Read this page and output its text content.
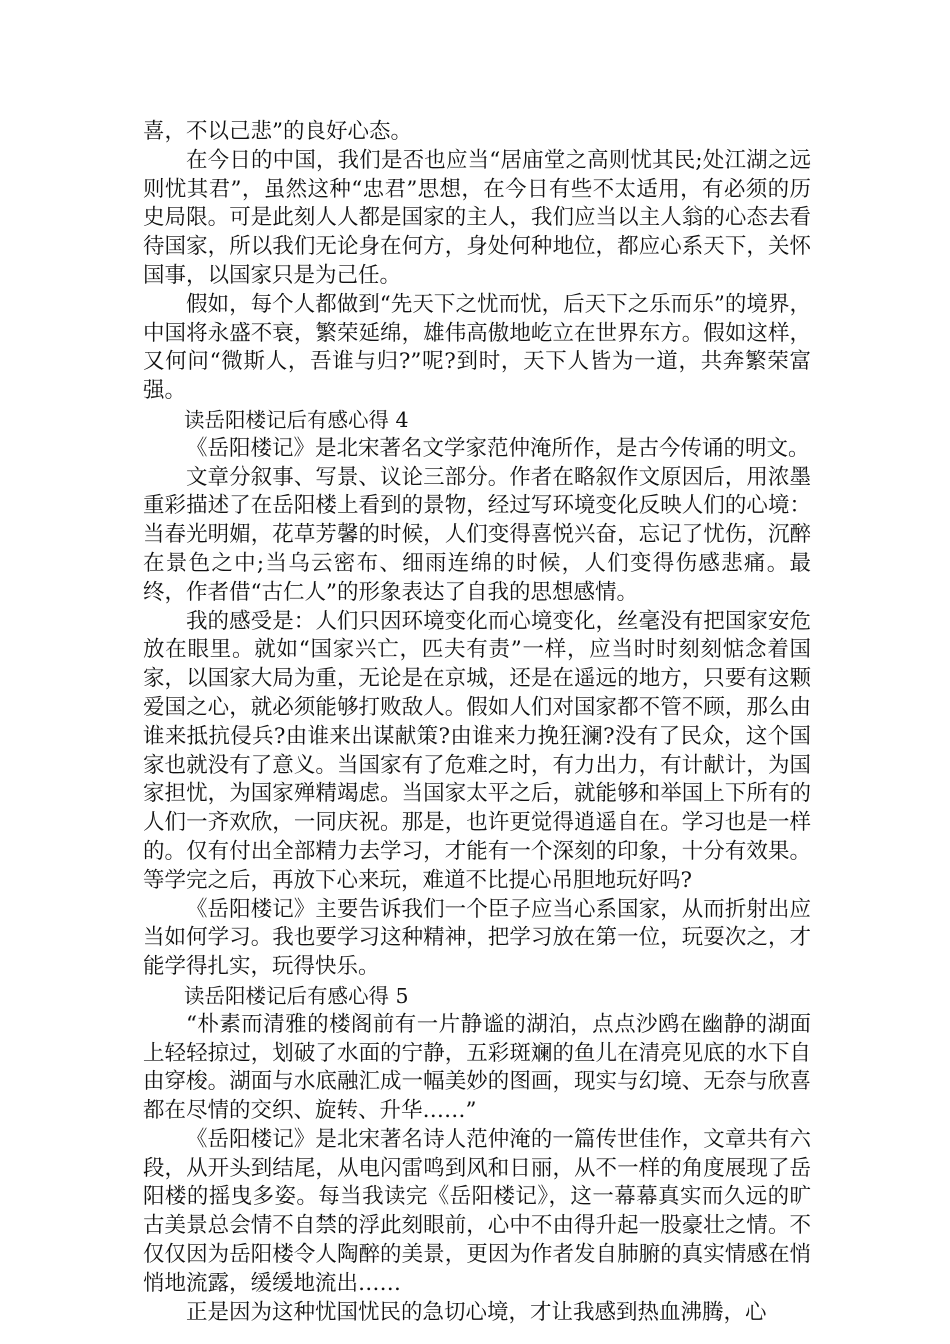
喜，不以己悲”的良好心态。

在今日的中国，我们是否也应当“居庙堂之高则忧其民;处江湖之远则忧其君”，虽然这种“忠君”思想，在今日有些不太适用，有必须的历史局限。可是此刻人人都是国家的主人，我们应当以主人翁的心态去看待国家，所以我们无论身在何方，身处何种地位，都应心系天下，关怀国事，以国家只是为己任。

假如，每个人都做到“先天下之忧而忧，后天下之乐而乐”的境界，中国将永盛不衰，繁荣延绵，雄伟高傲地屹立在世界东方。假如这样，又何问“微斯人，吾谁与归?”呢?到时，天下人皆为一道，共奔繁荣富强。

读岳阳楼记后有感心得 4

《岳阳楼记》是北宋著名文学家范仲淹所作，是古今传诵的明文。

文章分叙事、写景、议论三部分。作者在略叙作文原因后，用浓墨重彩描述了在岳阳楼上看到的景物，经过写环境变化反映人们的心境：当春光明媚，花草芳馨的时候，人们变得喜悦兴奋，忘记了忧伤，沉醉在景色之中;当乌云密布、细雨连绵的时候，人们变得伤感悲痛。最终，作者借“古仁人”的形象表达了自我的思想感情。

我的感受是：人们只因环境变化而心境变化，丝毫没有把国家安危放在眼里。就如“国家兴亡，匹夫有责”一样，应当时时刻刻惦念着国家，以国家大局为重，无论是在京城，还是在遥远的地方，只要有这颗爱国之心，就必须能够打败敌人。假如人们对国家都不管不顾，那么由谁来抵抗侵兵?由谁来出谋献策?由谁来力挽狂澜?没有了民众，这个国家也就没有了意义。当国家有了危难之时，有力出力，有计献计，为国家担忧，为国家殚精竭虑。当国家太平之后，就能够和举国上下所有的人们一齐欢欣，一同庆祝。那是，也许更觉得逍遥自在。学习也是一样的。仅有付出全部精力去学习，才能有一个深刻的印象，十分有效果。等学完之后，再放下心来玩，难道不比提心吊胆地玩好吗?

《岳阳楼记》主要告诉我们一个臣子应当心系国家，从而折射出应当如何学习。我也要学习这种精神，把学习放在第一位，玩耍次之，才能学得扎实，玩得快乐。

读岳阳楼记后有感心得 5

“朴素而清雅的楼阁前有一片静谧的湖泊，点点沙鸥在幽静的湖面上轻轻掠过，划破了水面的宁静，五彩斑斓的鱼儿在清亮见底的水下自由穿梭。湖面与水底融汇成一幅美妙的图画，现实与幻境、无奈与欣喜都在尽情的交织、旋转、升华……”

《岳阳楼记》是北宋著名诗人范仲淹的一篇传世佳作，文章共有六段，从开头到结尾，从电闪雷鸣到风和日丽，从不一样的角度展现了岳阳楼的摇曳多姿。每当我读完《岳阳楼记》，这一幕幕真实而久远的旷古美景总会情不自禁的浮此刻眼前，心中不由得升起一股豪壮之情。不仅仅因为岳阳楼令人陶醉的美景，更因为作者发自肺腑的真实情感在悄悄地流露，缓缓地流出……

正是因为这种忧国忧民的急切心境，才让我感到热血沸腾，心
